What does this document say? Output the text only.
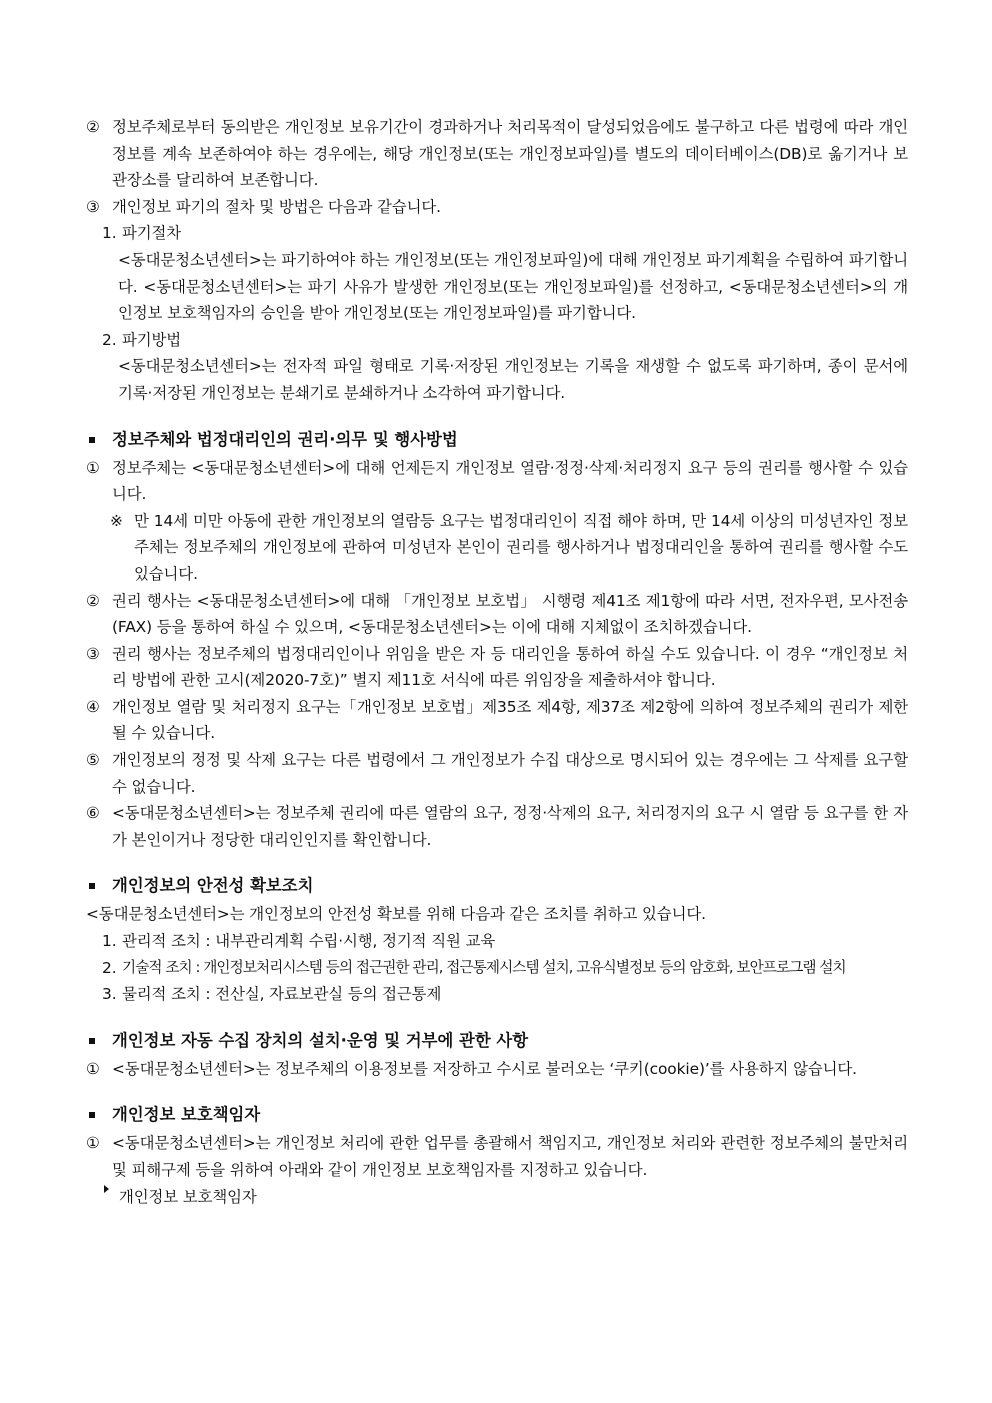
② 정보주체로부터 동의받은 개인정보 보유기간이 경과하거나 처리목적이 달성되었음에도 불구하고 다른 법령에 따라 개인정보를 계속 보존하여야 하는 경우에는, 해당 개인정보(또는 개인정보파일)를 별도의 데이터베이스(DB)로 옮기거나 보관장소를 달리하여 보존합니다.
③ 개인정보 파기의 절차 및 방법은 다음과 같습니다.
1. 파기절차
<동대문청소년센터>는 파기하여야 하는 개인정보(또는 개인정보파일)에 대해 개인정보 파기계획을 수립하여 파기합니다. <동대문청소년센터>는 파기 사유가 발생한 개인정보(또는 개인정보파일)를 선정하고, <동대문청소년센터>의 개인정보 보호책임자의 승인을 받아 개인정보(또는 개인정보파일)를 파기합니다.
2. 파기방법
<동대문청소년센터>는 전자적 파일 형태로 기록·저장된 개인정보는 기록을 재생할 수 없도록 파기하며, 종이 문서에 기록·저장된 개인정보는 분쇄기로 분쇄하거나 소각하여 파기합니다.
정보주체와 법정대리인의 권리·의무 및 행사방법
① 정보주체는 <동대문청소년센터>에 대해 언제든지 개인정보 열람·정정·삭제·처리정지 요구 등의 권리를 행사할 수 있습니다.
※ 만 14세 미만 아동에 관한 개인정보의 열람등 요구는 법정대리인이 직접 해야 하며, 만 14세 이상의 미성년자인 정보주체는 정보주체의 개인정보에 관하여 미성년자 본인이 권리를 행사하거나 법정대리인을 통하여 권리를 행사할 수도 있습니다.
② 권리 행사는 <동대문청소년센터>에 대해 「개인정보 보호법」 시행령 제41조 제1항에 따라 서면, 전자우편, 모사전송(FAX) 등을 통하여 하실 수 있으며, <동대문청소년센터>는 이에 대해 지체없이 조치하겠습니다.
③ 권리 행사는 정보주체의 법정대리인이나 위임을 받은 자 등 대리인을 통하여 하실 수도 있습니다. 이 경우 “개인정보 처리 방법에 관한 고시(제2020-7호)” 별지 제11호 서식에 따른 위임장을 제출하셔야 합니다.
④ 개인정보 열람 및 처리정지 요구는「개인정보 보호법」제35조 제4항, 제37조 제2항에 의하여 정보주체의 권리가 제한 될 수 있습니다.
⑤ 개인정보의 정정 및 삭제 요구는 다른 법령에서 그 개인정보가 수집 대상으로 명시되어 있는 경우에는 그 삭제를 요구할 수 없습니다.
⑥ <동대문청소년센터>는 정보주체 권리에 따른 열람의 요구, 정정·삭제의 요구, 처리정지의 요구 시 열람 등 요구를 한 자가 본인이거나 정당한 대리인인지를 확인합니다.
개인정보의 안전성 확보조치
<동대문청소년센터>는 개인정보의 안전성 확보를 위해 다음과 같은 조치를 취하고 있습니다.
1. 관리적 조치 : 내부관리계획 수립·시행, 정기적 직원 교육
2. 기술적 조치 : 개인정보처리시스템 등의 접근권한 관리, 접근통제시스템 설치, 고유식별정보 등의 암호화, 보안프로그램 설치
3. 물리적 조치 : 전산실, 자료보관실 등의 접근통제
개인정보 자동 수집 장치의 설치·운영 및 거부에 관한 사항
① <동대문청소년센터>는 정보주체의 이용정보를 저장하고 수시로 불러오는 ‘쿠키(cookie)’를 사용하지 않습니다.
개인정보 보호책임자
① <동대문청소년센터>는 개인정보 처리에 관한 업무를 총괄해서 책임지고, 개인정보 처리와 관련한 정보주체의 불만처리 및 피해구제 등을 위하여 아래와 같이 개인정보 보호책임자를 지정하고 있습니다.
개인정보 보호책임자
